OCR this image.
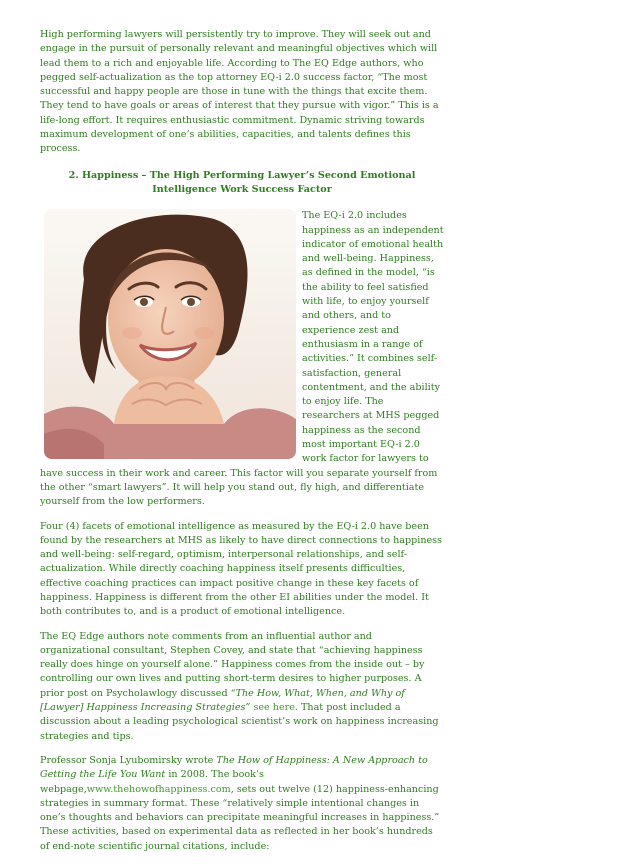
High performing lawyers will persistently try to improve. They will seek out and engage in the pursuit of personally relevant and meaningful objectives which will lead them to a rich and enjoyable life. According to The EQ Edge authors, who pegged self-actualization as the top attorney EQ-i 2.0 success factor, “The most successful and happy people are those in tune with the things that excite them. They tend to have goals or areas of interest that they pursue with vigor.” This is a life-long effort. It requires enthusiastic commitment. Dynamic striving towards maximum development of one’s abilities, capacities, and talents defines this process.

2. Happiness – The High Performing Lawyer’s Second Emotional Intelligence Work Success Factor

The EQ-i 2.0 includes happiness as an independent indicator of emotional health and well-being. Happiness, as defined in the model, “is the ability to feel satisfied with life, to enjoy yourself and others, and to experience zest and enthusiasm in a range of activities.” It combines self-satisfaction, general contentment, and the ability to enjoy life. The researchers at MHS pegged happiness as the second most important EQ-i 2.0 work factor for lawyers to have success in their work and career. This factor will you separate yourself from the other “smart lawyers”. It will help you stand out, fly high, and differentiate yourself from the low performers.

Four (4) facets of emotional intelligence as measured by the EQ-i 2.0 have been found by the researchers at MHS as likely to have direct connections to happiness and well-being: self-regard, optimism, interpersonal relationships, and self-actualization. While directly coaching happiness itself presents difficulties, effective coaching practices can impact positive change in these key facets of happiness. Happiness is different from the other EI abilities under the model. It both contributes to, and is a product of emotional intelligence.

The EQ Edge authors note comments from an influential author and organizational consultant, Stephen Covey, and state that “achieving happiness really does hinge on yourself alone.” Happiness comes from the inside out – by controlling our own lives and putting short-term desires to higher purposes. A prior post on Psycholawlogy discussed “The How, What, When, and Why of [Lawyer] Happiness Increasing Strategies” see here. That post included a discussion about a leading psychological scientist’s work on happiness increasing strategies and tips.

Professor Sonja Lyubomirsky wrote The How of Happiness: A New Approach to Getting the Life You Want in 2008. The book’s webpage,www.thehowofhappiness.com, sets out twelve (12) happiness-enhancing strategies in summary format. These “relatively simple intentional changes in one’s thoughts and behaviors can precipitate meaningful increases in happiness.” These activities, based on experimental data as reflected in her book’s hundreds of end-note scientific journal citations, include:
